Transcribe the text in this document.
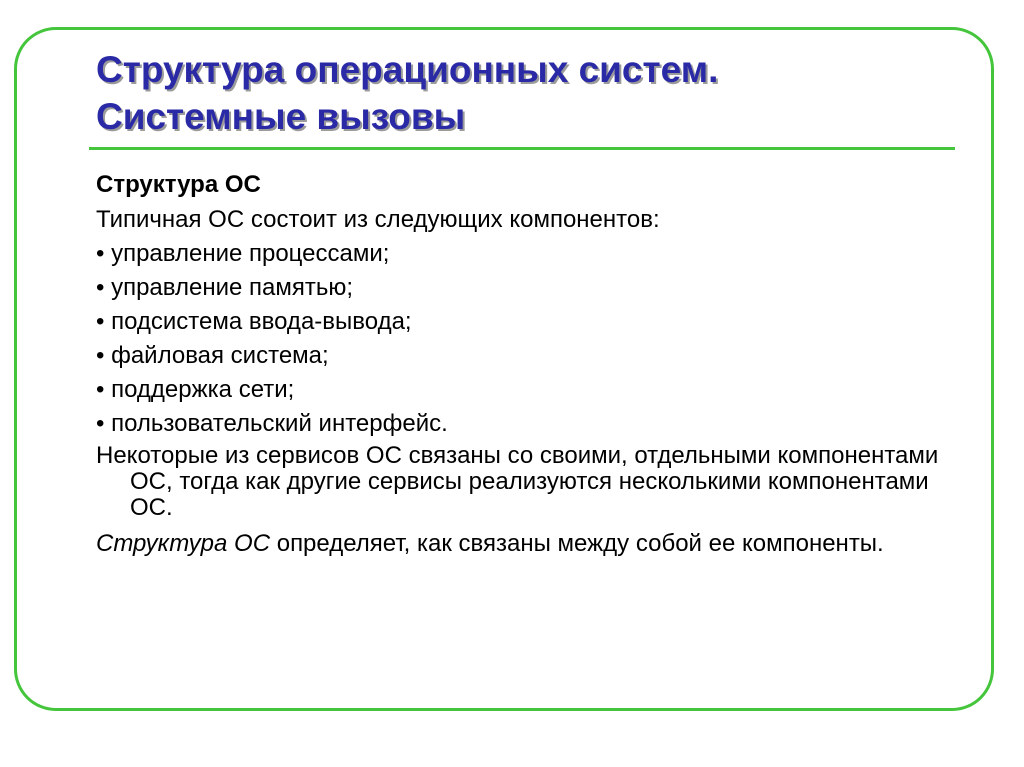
Структура операционных систем.
Системные вызовы
Структура ОС
Типичная ОС состоит из следующих компонентов:
• управление процессами;
• управление памятью;
• подсистема ввода-вывода;
• файловая система;
• поддержка сети;
• пользовательский интерфейс.
Некоторые из сервисов ОС связаны со своими, отдельными компонентами ОС, тогда как другие сервисы реализуются несколькими компонентами ОС.
Структура ОС определяет, как связаны между собой ее компоненты.
